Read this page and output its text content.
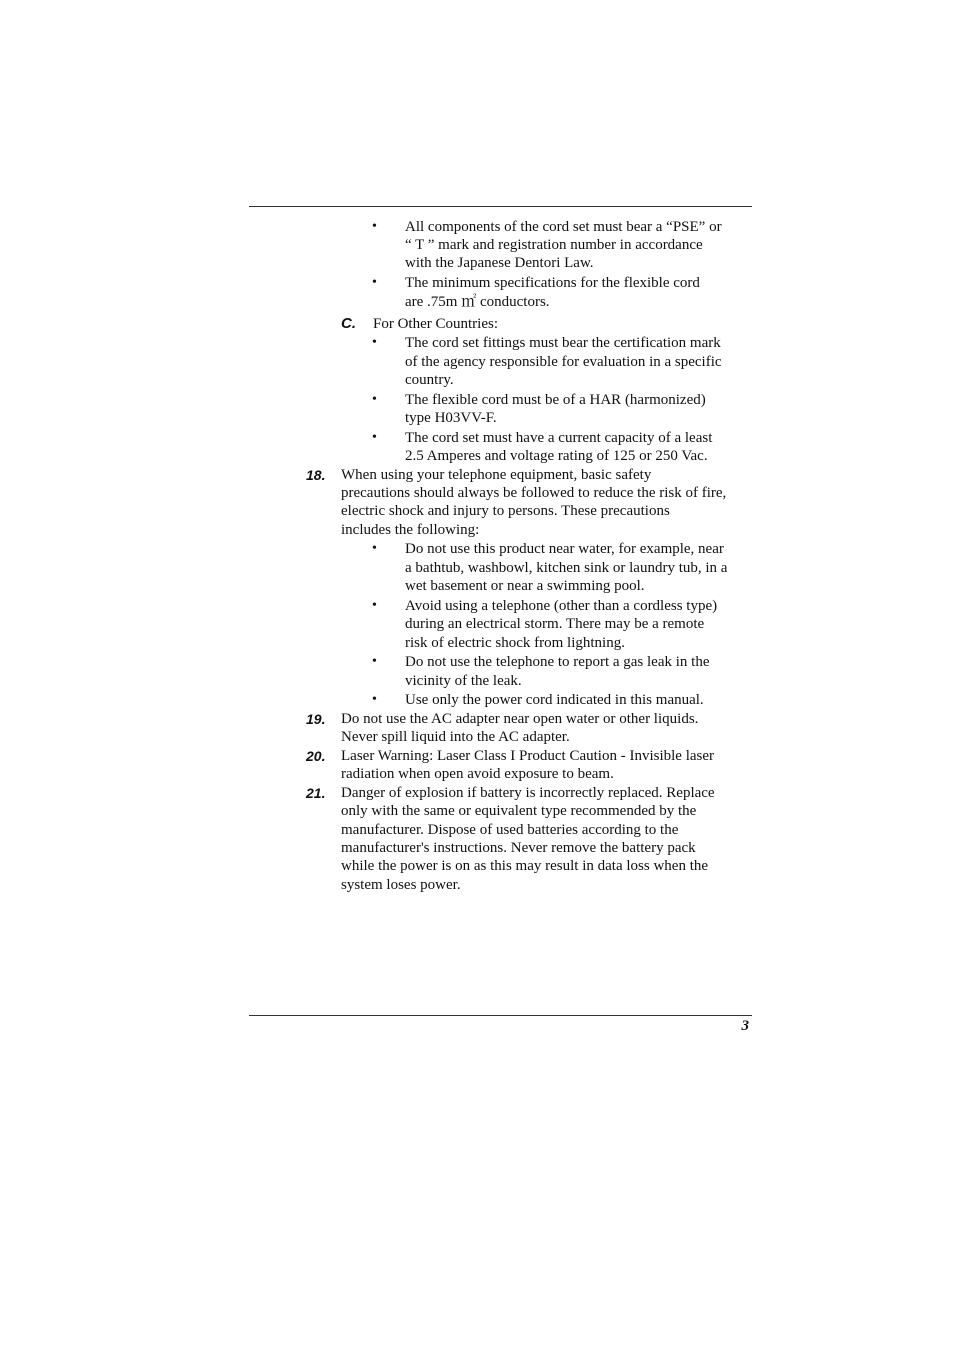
• All components of the cord set must bear a “PSE” or
“ T ” mark and registration number in accordance
with the Japanese Dentori Law.
• The minimum specifications for the flexible cord
are .75m ㎡ conductors.
C. For Other Countries:
• The cord set fittings must bear the certification mark
of the agency responsible for evaluation in a specific
country.
• The flexible cord must be of a HAR (harmonized)
type H03VV-F.
• The cord set must have a current capacity of a least
2.5 Amperes and voltage rating of 125 or 250 Vac.
18. When using your telephone equipment, basic safety
precautions should always be followed to reduce the risk of fire,
electric shock and injury to persons. These precautions
includes the following:
• Do not use this product near water, for example, near
a bathtub, washbowl, kitchen sink or laundry tub, in a
wet basement or near a swimming pool.
• Avoid using a telephone (other than a cordless type)
during an electrical storm. There may be a remote
risk of electric shock from lightning.
• Do not use the telephone to report a gas leak in the
vicinity of the leak.
• Use only the power cord indicated in this manual.
19. Do not use the AC adapter near open water or other liquids.
Never spill liquid into the AC adapter.
20. Laser Warning: Laser Class I Product Caution - Invisible laser
radiation when open avoid exposure to beam.
21. Danger of explosion if battery is incorrectly replaced. Replace
only with the same or equivalent type recommended by the
manufacturer. Dispose of used batteries according to the
manufacturer's instructions. Never remove the battery pack
while the power is on as this may result in data loss when the
system loses power.
3
